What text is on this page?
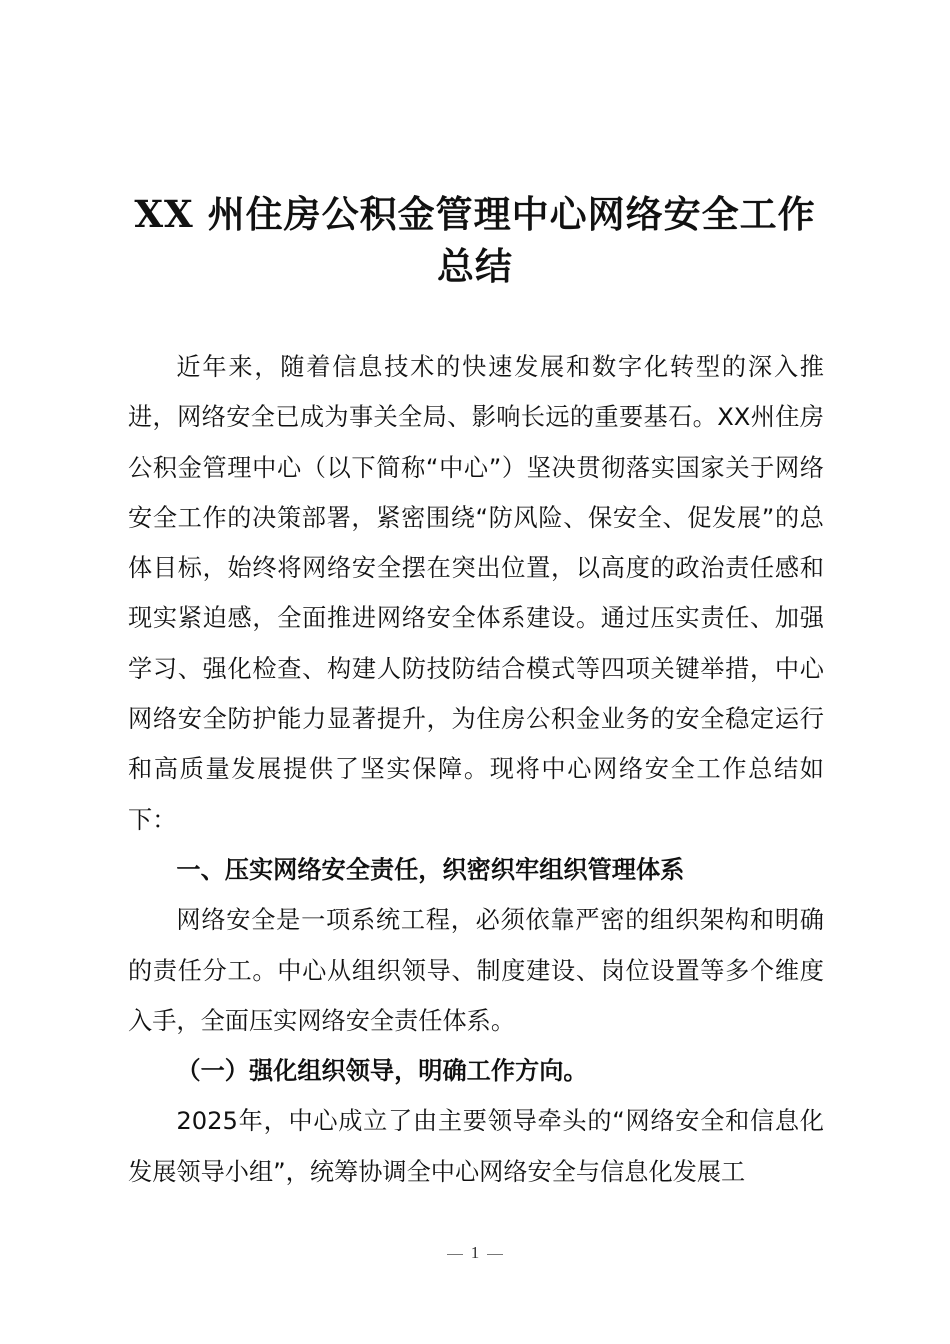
XX 州住房公积金管理中心网络安全工作
总结

近年来，随着信息技术的快速发展和数字化转型的深入推进，网络安全已成为事关全局、影响长远的重要基石。XX州住房公积金管理中心（以下简称“中心”）坚决贯彻落实国家关于网络安全工作的决策部署，紧密围绕“防风险、保安全、促发展”的总体目标，始终将网络安全摆在突出位置，以高度的政治责任感和现实紧迫感，全面推进网络安全体系建设。通过压实责任、加强学习、强化检查、构建人防技防结合模式等四项关键举措，中心网络安全防护能力显著提升，为住房公积金业务的安全稳定运行和高质量发展提供了坚实保障。现将中心网络安全工作总结如下：

一、压实网络安全责任，织密织牢组织管理体系

网络安全是一项系统工程，必须依靠严密的组织架构和明确的责任分工。中心从组织领导、制度建设、岗位设置等多个维度入手，全面压实网络安全责任体系。

（一）强化组织领导，明确工作方向。

2025年，中心成立了由主要领导牵头的“网络安全和信息化发展领导小组”，统筹协调全中心网络安全与信息化发展工

1
